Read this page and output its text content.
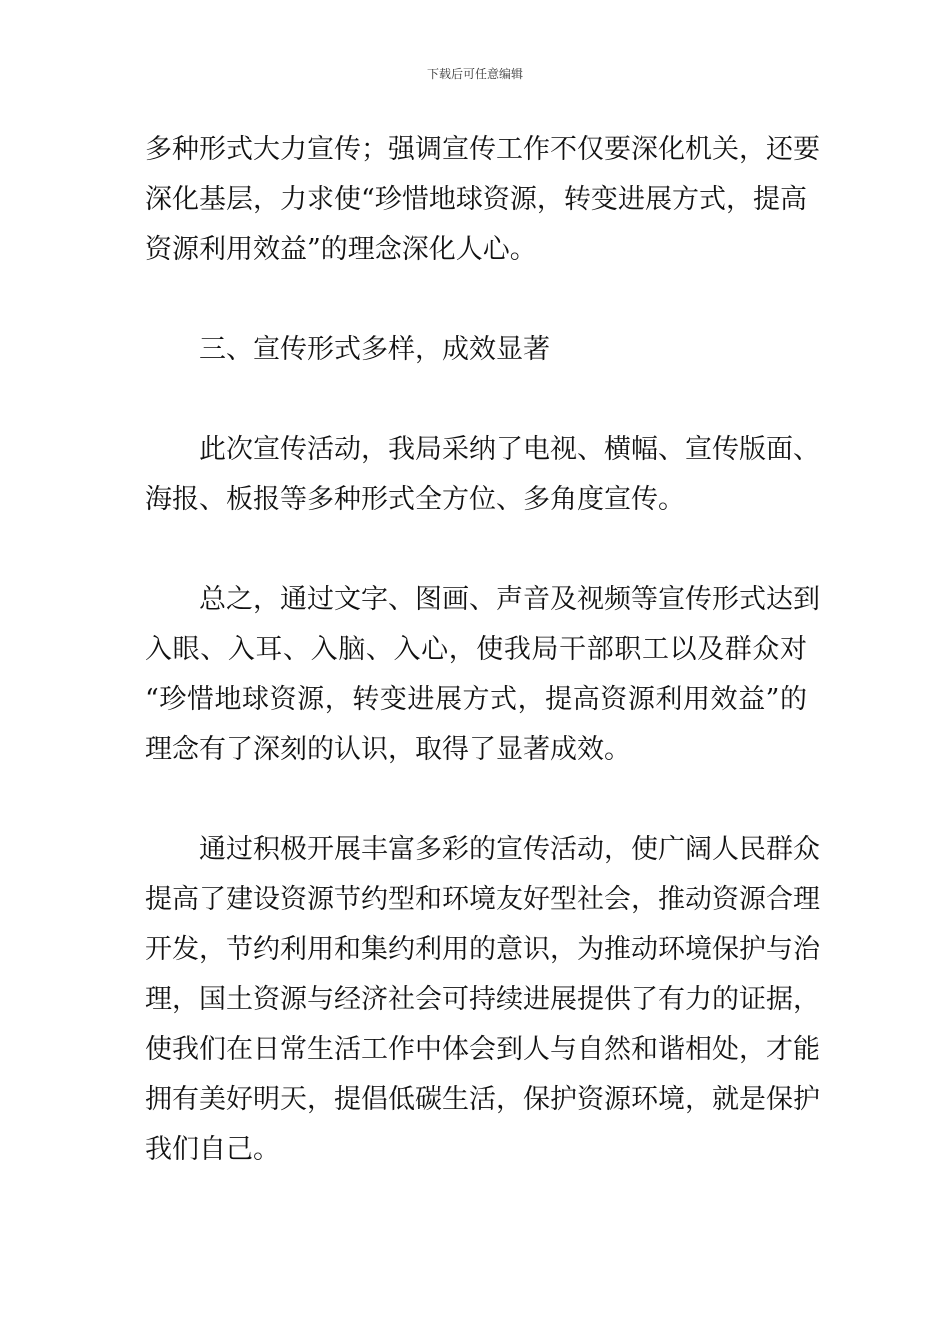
下载后可任意编辑
多种形式大力宣传；强调宣传工作不仅要深化机关，还要
深化基层，力求使“珍惜地球资源，转变进展方式，提高
资源利用效益”的理念深化人心。
三、宣传形式多样，成效显著
此次宣传活动，我局采纳了电视、横幅、宣传版面、
海报、板报等多种形式全方位、多角度宣传。
总之，通过文字、图画、声音及视频等宣传形式达到
入眼、入耳、入脑、入心，使我局干部职工以及群众对
“珍惜地球资源，转变进展方式，提高资源利用效益”的
理念有了深刻的认识，取得了显著成效。
通过积极开展丰富多彩的宣传活动，使广阔人民群众
提高了建设资源节约型和环境友好型社会，推动资源合理
开发，节约利用和集约利用的意识，为推动环境保护与治
理，国土资源与经济社会可持续进展提供了有力的证据，
使我们在日常生活工作中体会到人与自然和谐相处，才能
拥有美好明天，提倡低碳生活，保护资源环境，就是保护
我们自己。
